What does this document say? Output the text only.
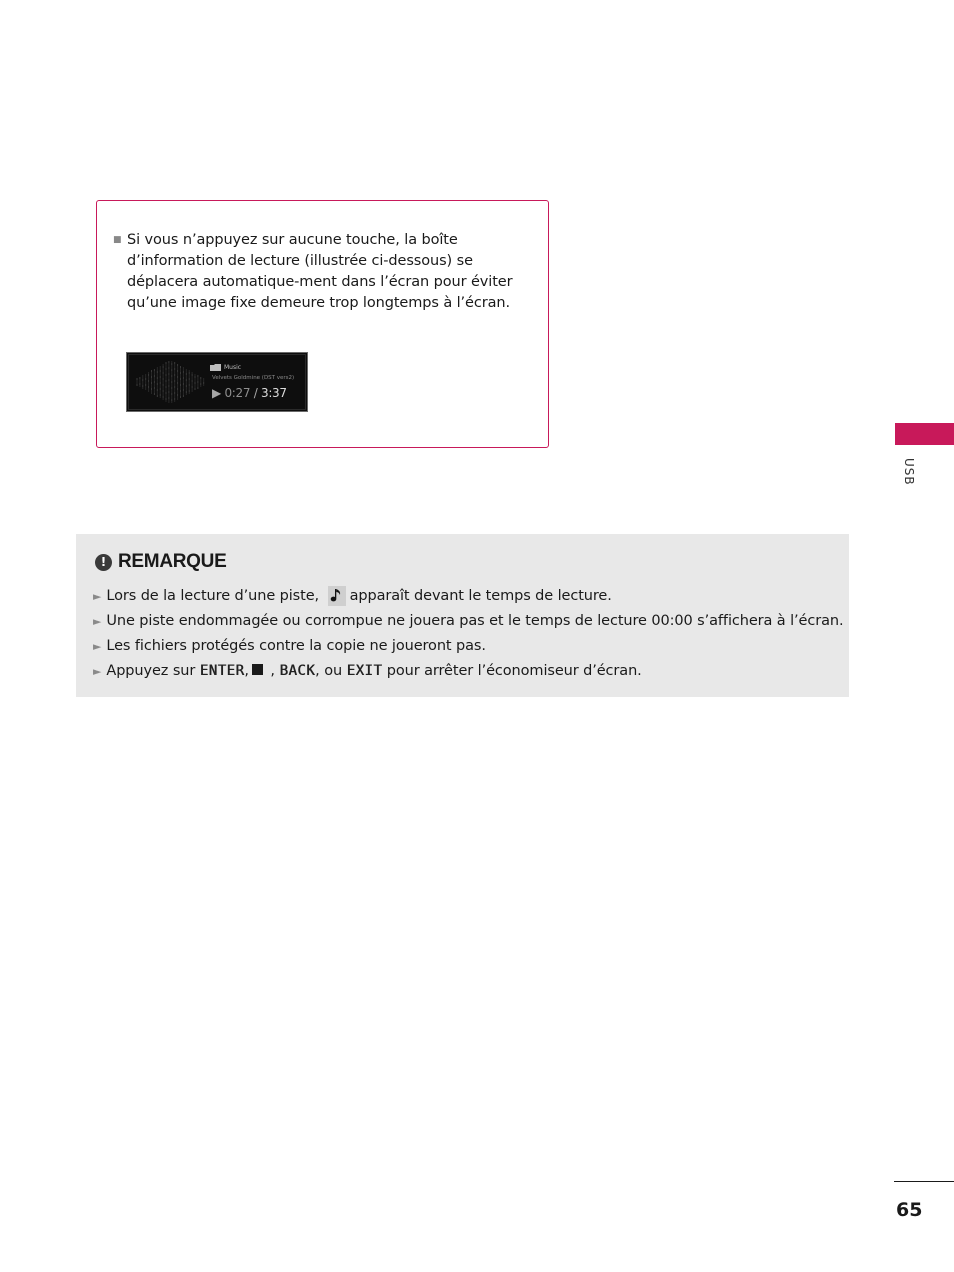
■ Si vous n’appuyez sur aucune touche, la boîte d’information de lecture (illustrée ci-dessous) se déplacera automatique-ment dans l’écran pour éviter qu’une image fixe demeure trop longtemps à l’écran.
Music
Velvets Goldmine (DST vers2)
▶ 0:27 / 3:37
USB
! REMARQUE
► Lors de la lecture d’une piste, apparaît devant le temps de lecture.
► Une piste endommagée ou corrompue ne jouera pas et le temps de lecture 00:00 s’affichera à l’écran.
► Les fichiers protégés contre la copie ne joueront pas.
► Appuyez sur ENTER, , BACK, ou EXIT pour arrêter l’économiseur d’écran.
65
